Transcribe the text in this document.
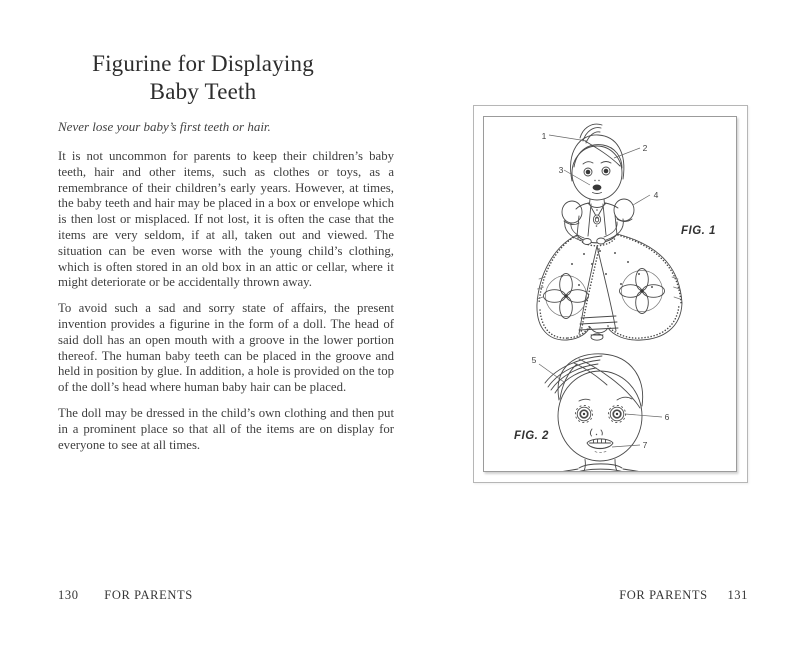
Figurine for Displaying
Baby Teeth

Never lose your baby’s first teeth or hair.

It is not uncommon for parents to keep their children’s baby teeth, hair and other items, such as clothes or toys, as a remembrance of their children’s early years. However, at times, the baby teeth and hair may be placed in a box or envelope which is then lost or misplaced. If not lost, it is often the case that the items are very seldom, if at all, taken out and viewed. The situation can be even worse with the young child’s clothing, which is often stored in an old box in an attic or cellar, where it might deteriorate or be accidentally thrown away.

To avoid such a sad and sorry state of affairs, the present invention provides a figurine in the form of a doll. The head of said doll has an open mouth with a groove in the lower portion thereof. The human baby teeth can be placed in the groove and held in position by glue. In addition, a hole is provided on the top of the doll’s head where human baby hair can be placed.

The doll may be dressed in the child’s own clothing and then put in a prominent place so that all of the items are on display for everyone to see at all times.

130 FOR PARENTS
1
2
3
4
FIG. 1
5
6
7
FIG. 2
FOR PARENTS 131
